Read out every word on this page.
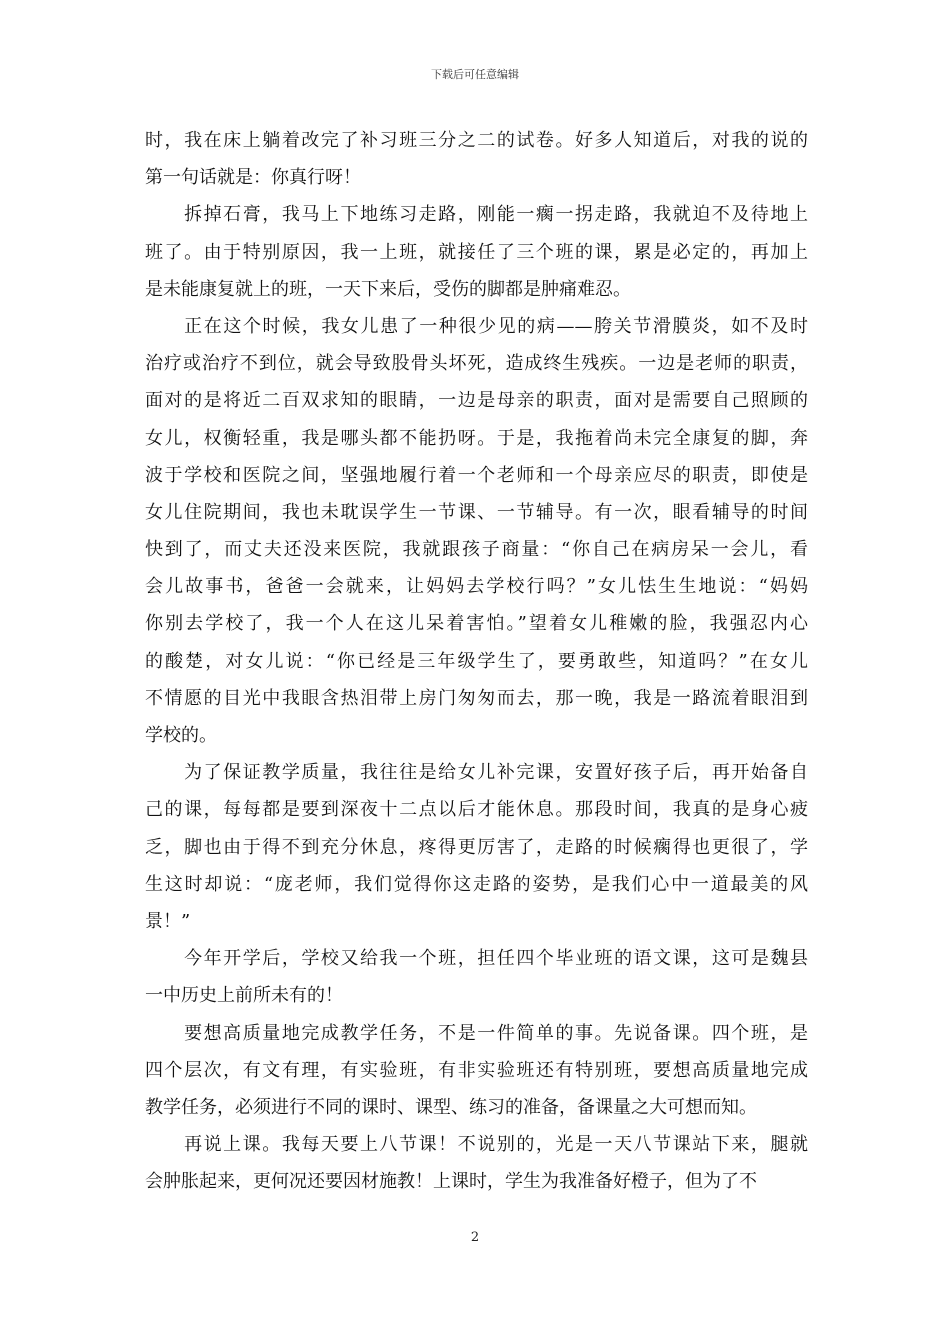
下载后可任意编辑
时，我在床上躺着改完了补习班三分之二的试卷。好多人知道后，对我的说的
第一句话就是：你真行呀！
　　拆掉石膏，我马上下地练习走路，刚能一瘸一拐走路，我就迫不及待地上
班了。由于特别原因，我一上班，就接任了三个班的课，累是必定的，再加上
是未能康复就上的班，一天下来后，受伤的脚都是肿痛难忍。
　　正在这个时候，我女儿患了一种很少见的病——胯关节滑膜炎，如不及时
治疗或治疗不到位，就会导致股骨头坏死，造成终生残疾。一边是老师的职责，
面对的是将近二百双求知的眼睛，一边是母亲的职责，面对是需要自己照顾的
女儿，权衡轻重，我是哪头都不能扔呀。于是，我拖着尚未完全康复的脚，奔
波于学校和医院之间，坚强地履行着一个老师和一个母亲应尽的职责，即使是
女儿住院期间，我也未耽误学生一节课、一节辅导。有一次，眼看辅导的时间
快到了，而丈夫还没来医院，我就跟孩子商量：“你自己在病房呆一会儿，看
会儿故事书，爸爸一会就来，让妈妈去学校行吗？”女儿怯生生地说：“妈妈
你别去学校了，我一个人在这儿呆着害怕。”望着女儿稚嫩的脸，我强忍内心
的酸楚，对女儿说：“你已经是三年级学生了，要勇敢些，知道吗？”在女儿
不情愿的目光中我眼含热泪带上房门匆匆而去，那一晚，我是一路流着眼泪到
学校的。
　　为了保证教学质量，我往往是给女儿补完课，安置好孩子后，再开始备自
己的课，每每都是要到深夜十二点以后才能休息。那段时间，我真的是身心疲
乏，脚也由于得不到充分休息，疼得更厉害了，走路的时候瘸得也更很了，学
生这时却说：“庞老师，我们觉得你这走路的姿势，是我们心中一道最美的风
景！”
　　今年开学后，学校又给我一个班，担任四个毕业班的语文课，这可是魏县
一中历史上前所未有的！
　　要想高质量地完成教学任务，不是一件简单的事。先说备课。四个班，是
四个层次，有文有理，有实验班，有非实验班还有特别班，要想高质量地完成
教学任务，必须进行不同的课时、课型、练习的准备，备课量之大可想而知。
　　再说上课。我每天要上八节课！不说别的，光是一天八节课站下来，腿就
会肿胀起来，更何况还要因材施教！上课时，学生为我准备好橙子，但为了不
2
